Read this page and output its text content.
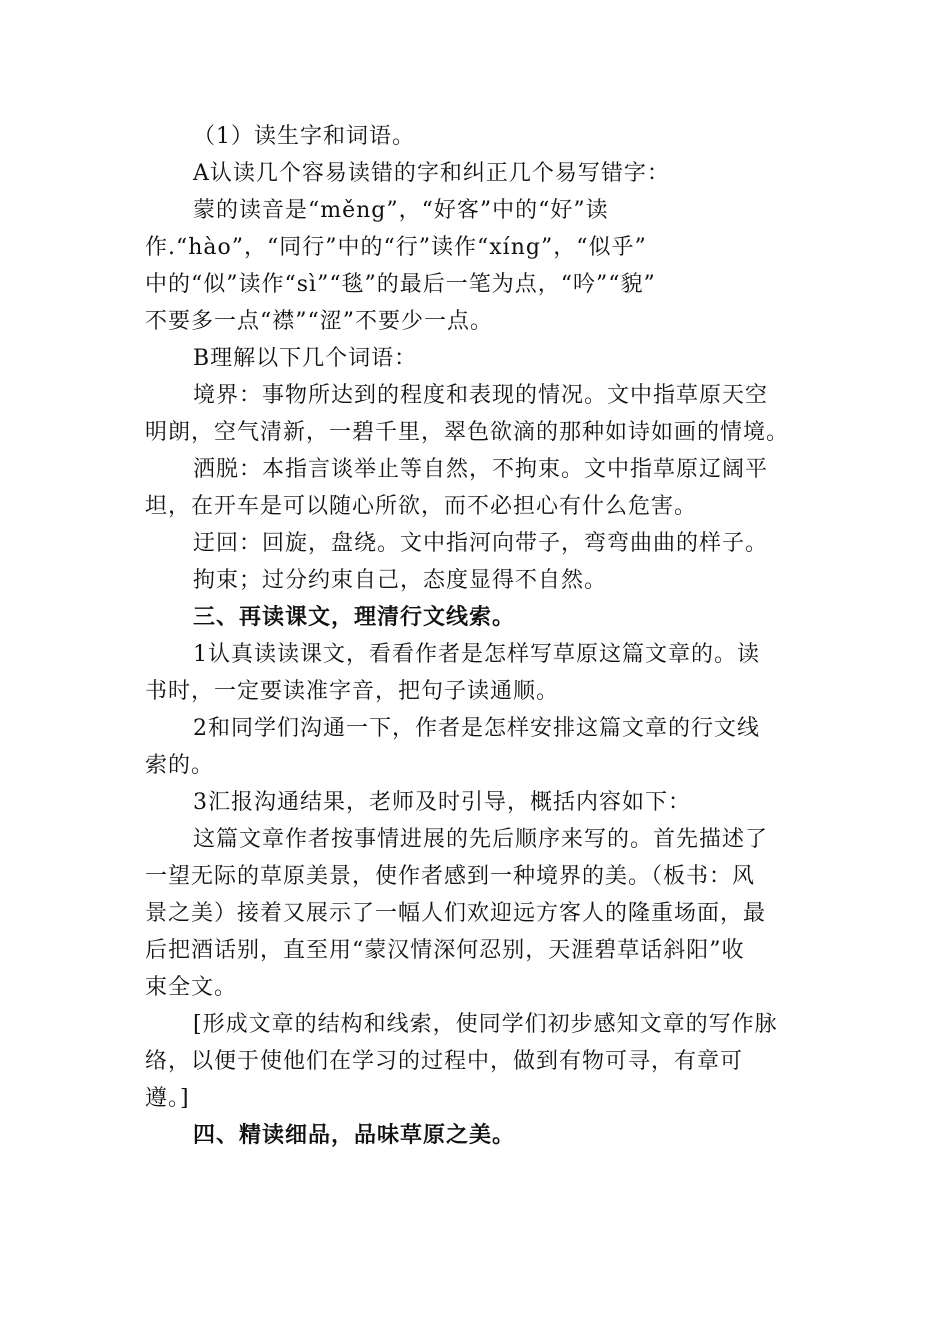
（1）读生字和词语。
A认读几个容易读错的字和纠正几个易写错字：
蒙的读音是“měng”，“好客”中的“好”读
作.“hào”，“同行”中的“行”读作“xíng”，“似乎”
中的“似”读作“sì”“毯”的最后一笔为点，“吟”“貌”
不要多一点“襟”“涩”不要少一点。
B理解以下几个词语：
境界：事物所达到的程度和表现的情况。文中指草原天空
明朗，空气清新，一碧千里，翠色欲滴的那种如诗如画的情境。
洒脱：本指言谈举止等自然，不拘束。文中指草原辽阔平
坦，在开车是可以随心所欲，而不必担心有什么危害。
迂回：回旋，盘绕。文中指河向带子，弯弯曲曲的样子。
拘束；过分约束自己，态度显得不自然。
三、再读课文，理清行文线索。
1认真读读课文，看看作者是怎样写草原这篇文章的。读
书时，一定要读准字音，把句子读通顺。
2和同学们沟通一下，作者是怎样安排这篇文章的行文线
索的。
3汇报沟通结果，老师及时引导，概括内容如下：
这篇文章作者按事情进展的先后顺序来写的。首先描述了
一望无际的草原美景，使作者感到一种境界的美。（板书：风
景之美）接着又展示了一幅人们欢迎远方客人的隆重场面，最
后把酒话别，直至用“蒙汉情深何忍别，天涯碧草话斜阳”收
束全文。
[形成文章的结构和线索，使同学们初步感知文章的写作脉
络，以便于使他们在学习的过程中，做到有物可寻，有章可
遵。]
四、精读细品，品味草原之美。
